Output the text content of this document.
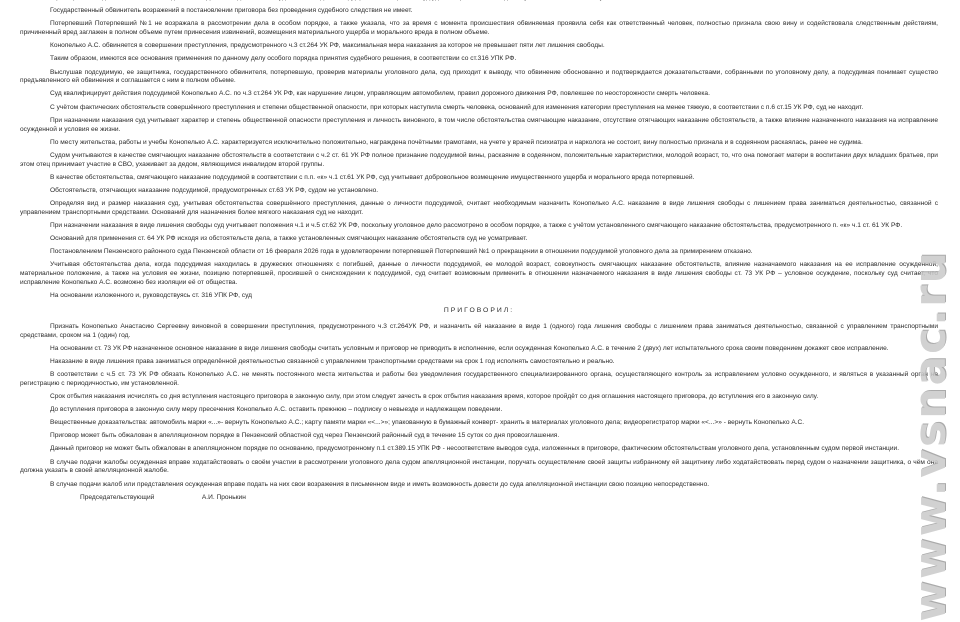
Государственный обвинитель возражений в постановлении приговора без проведения судебного следствия не имеет.

Потерпевший Потерпевший №1 не возражала в рассмотрении дела в особом порядке, а также указала, что за время с момента происшествия обвиняемая проявила себя как ответственный человек, полностью признала свою вину и содействовала следственным действиям, причиненный вред заглажен в полном объеме путем принесения извинений, возмещения материального ущерба и морального вреда в полном объеме.

Конопелько А.С. обвиняется в совершении преступления, предусмотренного ч.3 ст.264 УК РФ, максимальная мера наказания за которое не превышает пяти лет лишения свободы.

Таким образом, имеются все основания применения по данному делу особого порядка принятия судебного решения, в соответствии со ст.316 УПК РФ.

Выслушав подсудимую, ее защитника, государственного обвинителя, потерпевшую, проверив материалы уголовного дела, суд приходит к выводу, что обвинение обоснованно и подтверждается доказательствами, собранными по уголовному делу, а подсудимая понимает существо предъявленного ей обвинения и соглашается с ним в полном объеме.

Суд квалифицирует действия подсудимой Конопелько А.С. по ч.3 ст.264 УК РФ, как нарушение лицом, управляющим автомобилем, правил дорожного движения РФ, повлекшее по неосторожности смерть человека.

С учётом фактических обстоятельств совершённого преступления и степени общественной опасности, при которых наступила смерть человека, оснований для изменения категории преступления на менее тяжкую, в соответствии с п.6 ст.15 УК РФ, суд не находит.

При назначении наказания суд учитывает характер и степень общественной опасности преступления и личность виновного, в том числе обстоятельства смягчающие наказание, отсутствие отягчающих наказание обстоятельств, а также влияние назначенного наказания на исправление осужденной и условия ее жизни.

По месту жительства, работы и учебы Конопелько А.С. характеризуется исключительно положительно, награждена почётными грамотами, на учете у врачей психиатра и нарколога не состоит, вину полностью признала и в содеянном раскаялась, ранее не судима.

Судом учитываются в качестве смягчающих наказание обстоятельств в соответствии с ч.2 ст. 61 УК РФ полное признание подсудимой вины, раскаяние в содеянном, положительные характеристики, молодой возраст, то, что она помогает матери в воспитании двух младших братьев, при этом отец принимает участие в СВО, ухаживает за дедом, являющимся инвалидом второй группы.

В качестве обстоятельства, смягчающего наказание подсудимой в соответствии с п.п. «к» ч.1 ст.61 УК РФ, суд учитывает добровольное возмещение имущественного ущерба и морального вреда потерпевшей.

Обстоятельств, отягчающих наказание подсудимой, предусмотренных ст.63 УК РФ, судом не установлено.

Определяя вид и размер наказания суд, учитывая обстоятельства совершённого преступления, данные о личности подсудимой, считает необходимым назначить Конопелько А.С. наказание в виде лишения свободы с лишением права заниматься деятельностью, связанной с управлением транспортными средствами. Оснований для назначения более мягкого наказания суд не находит.

При назначении наказания в виде лишения свободы суд учитывает положения ч.1 и ч.5 ст.62 УК РФ, поскольку уголовное дело рассмотрено в особом порядке, а также с учётом установленного смягчающего наказание обстоятельства, предусмотренного п. «к» ч.1 ст. 61 УК РФ.

Оснований для применения ст. 64 УК РФ исходя из обстоятельств дела, а также установленных смягчающих наказание обстоятельств суд не усматривает.

Постановлением Пензенского районного суда Пензенской области от 16 февраля 2026 года в удовлетворении потерпевшей Потерпевший №1 о прекращении в отношении подсудимой уголовного дела за примирением отказано.

Учитывая обстоятельства дела, когда подсудимая находилась в дружеских отношениях с погибшей, данные о личности подсудимой, ее молодой возраст, совокупность смягчающих наказание обстоятельств, влияние назначаемого наказания на ее исправление осужденной, материальное положение, а также на условия ее жизни, позицию потерпевшей, просившей о снисхождении к подсудимой, суд считает возможным применить в отношении назначаемого наказания в виде лишения свободы ст. 73 УК РФ – условное осуждение, поскольку суд считает, что исправление Конопелько А.С. возможно без изоляции её от общества.

На основании изложенного и, руководствуясь ст. 316 УПК РФ, суд

ПРИГОВОРИЛ:

Признать Конопелько Анастасию Сергеевну виновной в совершении преступления, предусмотренного ч.3 ст.264УК РФ, и назначить ей наказание в виде 1 (одного) года лишения свободы с лишением права заниматься деятельностью, связанной с управлением транспортными средствами, сроком на 1 (один) год.

На основании ст. 73 УК РФ назначенное основное наказание в виде лишения свободы считать условным и приговор не приводить в исполнение, если осужденная Конопелько А.С. в течение 2 (двух) лет испытательного срока своим поведением докажет свое исправление.

Наказание в виде лишения права заниматься определённой деятельностью связанной с управлением транспортными средствами на срок 1 год исполнять самостоятельно и реально.

В соответствии с ч.5 ст. 73 УК РФ обязать Конопелько А.С. не менять постоянного места жительства и работы без уведомления государственного специализированного органа, осуществляющего контроль за исправлением условно осужденного, и являться в указанный орган на регистрацию с периодичностью, им установленной.

Срок отбытия наказания исчислять со дня вступления настоящего приговора в законную силу, при этом следует зачесть в срок отбытия наказания время, которое пройдёт со дня оглашения настоящего приговора, до вступления его в законную силу.

До вступления приговора в законную силу меру пресечения Конопелько А.С. оставить прежнюю – подписку о невыезде и надлежащем поведении.

Вещественные доказательства: автомобиль марки «...»- вернуть Конопелько А.С.; карту памяти марки «<...>»; упакованную в бумажный конверт- хранить в материалах уголовного дела; видеорегистратор марки «<...>» - вернуть Конопелько А.С.

Приговор может быть обжалован в апелляционном порядке в Пензенский областной суд через Пензенский районный суд в течение 15 суток со дня провозглашения.

Данный приговор не может быть обжалован в апелляционном порядке по основанию, предусмотренному п.1 ст.389.15 УПК РФ - несоответствие выводов суда, изложенных в приговоре, фактическим обстоятельствам уголовного дела, установленным судом первой инстанции.

В случае подачи жалобы осужденная вправе ходатайствовать о своём участии в рассмотрении уголовного дела судом апелляционной инстанции, поручать осуществление своей защиты избранному ей защитнику либо ходатайствовать перед судом о назначении защитника, о чём она должна указать в своей апелляционной жалобе.

В случае подачи жалоб или представления осужденная вправе подать на них свои возражения в письменном виде и иметь возможность довести до суда апелляционной инстанции свою позицию непосредственно.

Председательствующий	А.И. Пронькин	www.vsnac.ru
